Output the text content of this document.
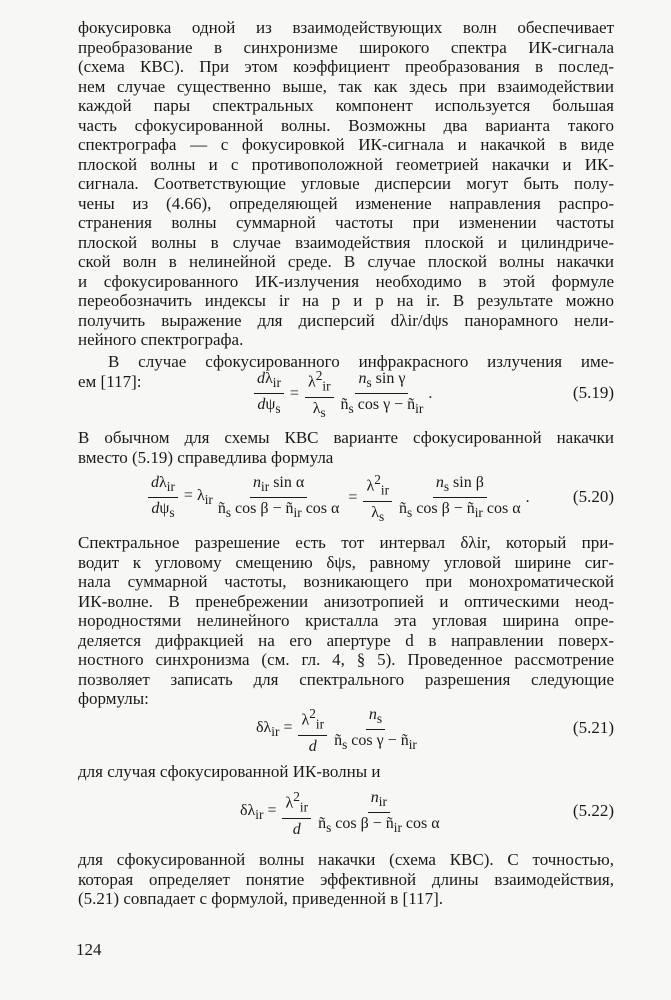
фокусировка одной из взаимодействующих волн обеспечивает
преобразование в синхронизме широкого спектра ИК-сигнала
(схема КВС). При этом коэффициент преобразования в послед-
нем случае существенно выше, так как здесь при взаимодействии
каждой пары спектральных компонент используется большая
часть сфокусированной волны. Возможны два варианта такого
спектрографа — с фокусировкой ИК-сигнала и накачкой в виде
плоской волны и с противоположной геометрией накачки и ИК-
сигнала. Соответствующие угловые дисперсии могут быть полу-
чены из (4.66), определяющей изменение направления распро-
странения волны суммарной частоты при изменении частоты
плоской волны в случае взаимодействия плоской и цилиндриче-
ской волн в нелинейной среде. В случае плоской волны накачки
и сфокусированного ИК-излучения необходимо в этой формуле
переобозначить индексы ir на p и p на ir. В результате можно
получить выражение для дисперсий dλir/dψs панорамного нели-
нейного спектрографа.
В случае сфокусированного инфракрасного излучения име-
ем [117]:	$\frac{d\lambda_{ir}}{d\psi_s} = \frac{\lambda^2_{ir}}{\lambda_s} \frac{n_s \sin \gamma}{ñ_s \cos \gamma - ñ_{ir}}$ .	(5.19)
В обычном для схемы КВС варианте сфокусированной накачки
вместо (5.19) справедлива формула
$\frac{d\lambda_{ir}}{d\psi_s} = \lambda_{ir} \frac{n_{ir} \sin \alpha}{ñ_s \cos \beta - ñ_{ir} \cos \alpha} = \frac{\lambda^2_{ir}}{\lambda_s} \frac{n_s \sin \beta}{ñ_s \cos \beta - ñ_{ir} \cos \alpha}$ .	(5.20)
Спектральное разрешение есть тот интервал δλir, который при-
водит к угловому смещению δψs, равному угловой ширине сиг-
нала суммарной частоты, возникающего при монохроматической
ИК-волне. В пренебрежении анизотропией и оптическими неод-
нородностями нелинейного кристалла эта угловая ширина опре-
деляется дифракцией на его апертуре d в направлении поверх-
ностного синхронизма (см. гл. 4, § 5). Проведенное рассмотрение
позволяет записать для спектрального разрешения следующие
формулы:
$\delta\lambda_{ir} = \frac{\lambda^2_{ir}}{d} \frac{n_s}{ñ_s \cos \gamma - ñ_{ir}}$	(5.21)
для случая сфокусированной ИК-волны и
$\delta\lambda_{ir} = \frac{\lambda^2_{ir}}{d} \frac{n_{ir}}{ñ_s \cos \beta - ñ_{ir} \cos \alpha}$	(5.22)
для сфокусированной волны накачки (схема КВС). С точностью,
которая определяет понятие эффективной длины взаимодействия,
(5.21) совпадает с формулой, приведенной в [117].
124
